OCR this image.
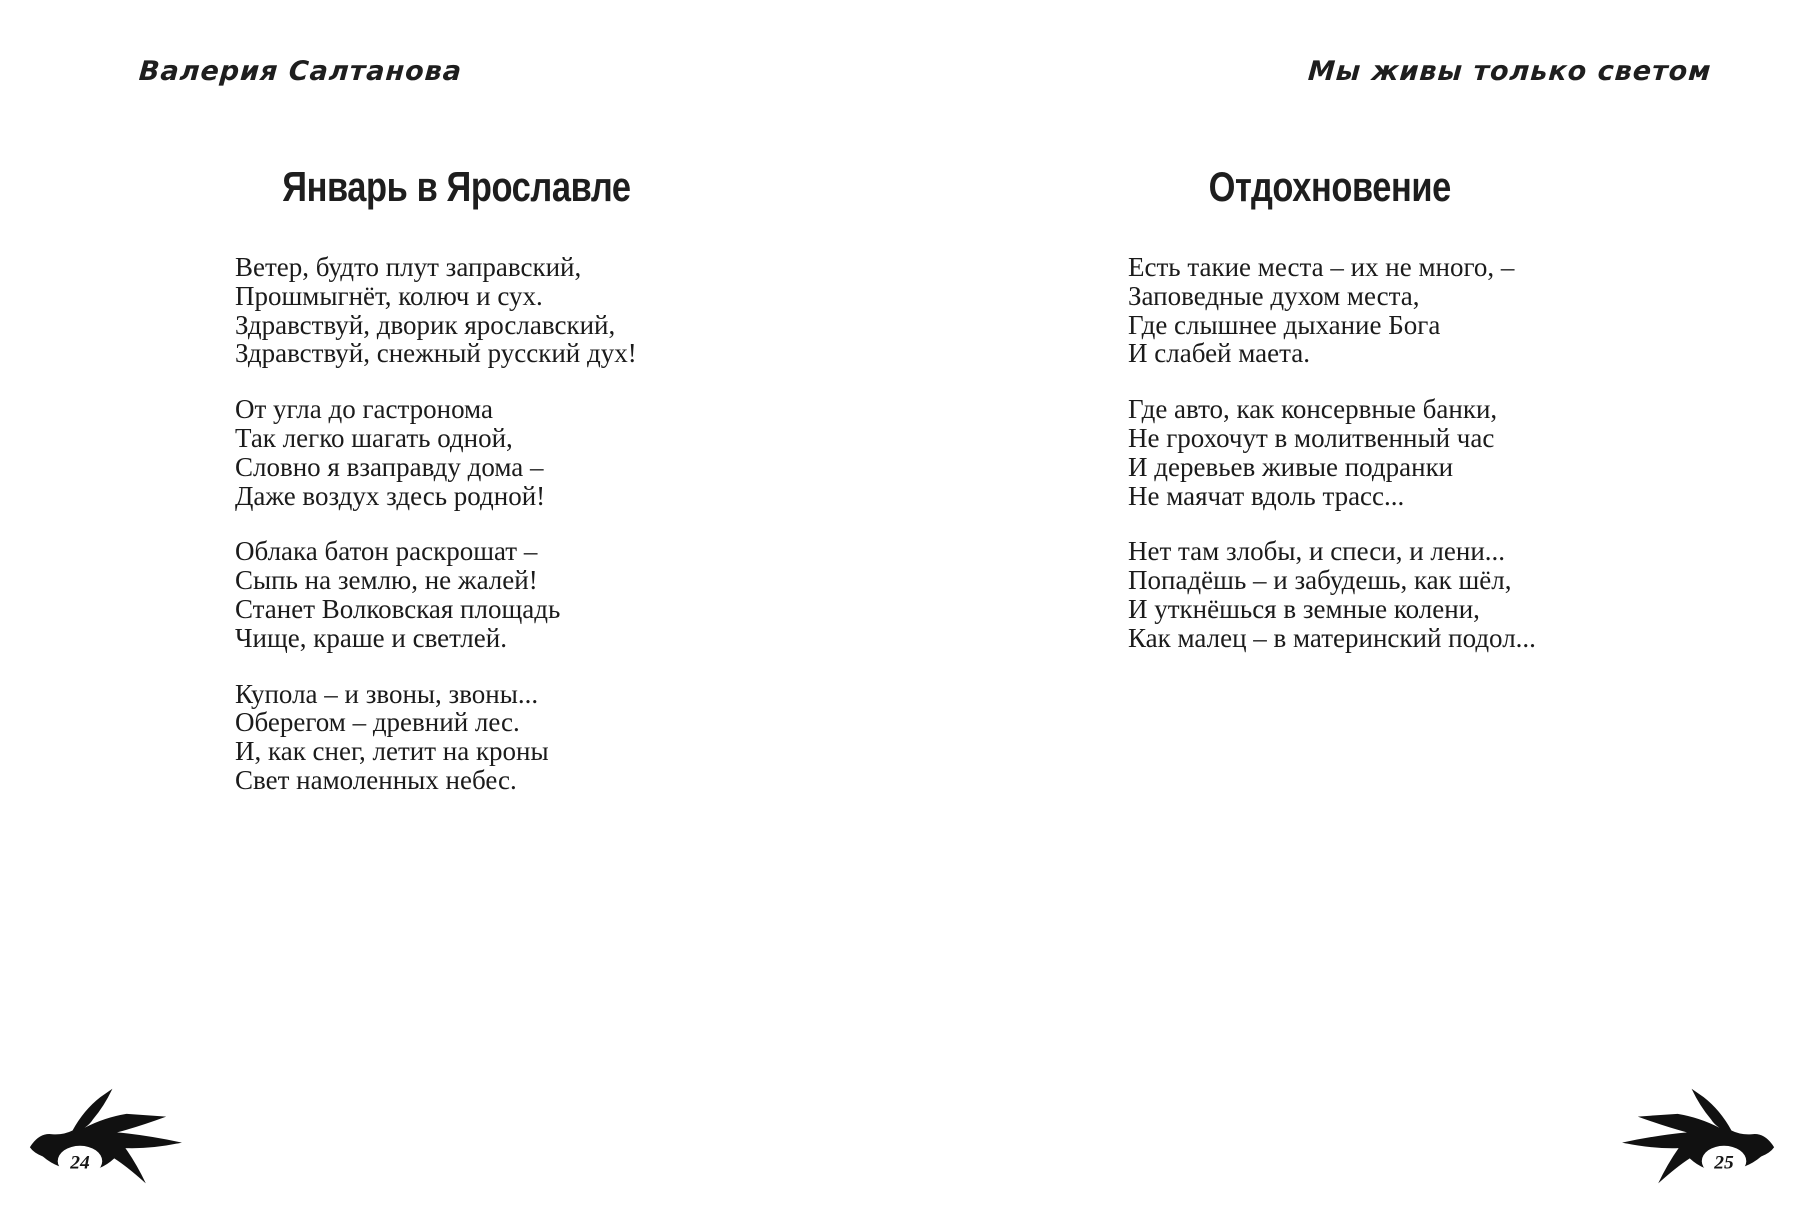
Валерия Салтанова	Мы живы только светом
Январь в Ярославле
Ветер, будто плут заправский,
Прошмыгнёт, колюч и сух.
Здравствуй, дворик ярославский,
Здравствуй, снежный русский дух!
От угла до гастронома
Так легко шагать одной,
Словно я взаправду дома –
Даже воздух здесь родной!
Облака батон раскрошат –
Сыпь на землю, не жалей!
Станет Волковская площадь
Чище, краше и светлей.
Купола – и звоны, звоны...
Оберегом – древний лес.
И, как снег, летит на кроны
Свет намоленных небес.
Отдохновение
Есть такие места – их не много, –
Заповедные духом места,
Где слышнее дыхание Бога
И слабей маета.
Где авто, как консервные банки,
Не грохочут в молитвенный час
И деревьев живые подранки
Не маячат вдоль трасс...
Нет там злобы, и спеси, и лени...
Попадёшь – и забудешь, как шёл,
И уткнёшься в земные колени,
Как малец – в материнский подол...
24	25
